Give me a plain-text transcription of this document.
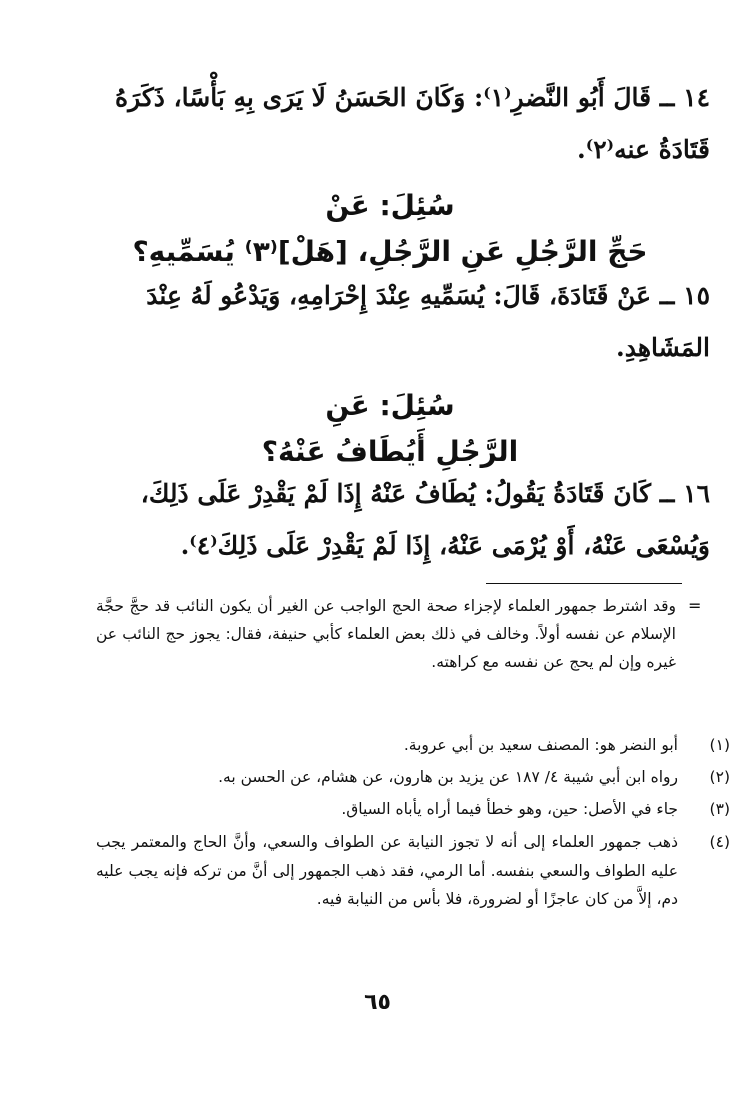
١٤ ــ قَالَ أَبُو النَّضرِ⁽١⁾: وَكَانَ الحَسَنُ لَا يَرَى بِهِ بَأْسًا، ذَكَرَهُ

قَتَادَةُ عنه⁽٢⁾.

سُئِلَ: عَنْ
حَجِّ الرَّجُلِ عَنِ الرَّجُلِ، [هَلْ]⁽٣⁾ يُسَمِّيهِ؟

١٥ ــ عَنْ قَتَادَةَ، قَالَ: يُسَمِّيهِ عِنْدَ إِحْرَامِهِ، وَيَدْعُو لَهُ عِنْدَ

المَشَاهِدِ.

سُئِلَ: عَنِ
الرَّجُلِ أَيُطَافُ عَنْهُ؟

١٦ ــ كَانَ قَتَادَةُ يَقُولُ: يُطَافُ عَنْهُ إِذَا لَمْ يَقْدِرْ عَلَى ذَلِكَ،

وَيُسْعَى عَنْهُ، أَوْ يُرْمَى عَنْهُ، إِذَا لَمْ يَقْدِرْ عَلَى ذَلِكَ⁽٤⁾.

=
وقد اشترط جمهور العلماء لإجزاء صحة الحج الواجب عن الغير أن يكون النائب قد حجَّ حجَّة الإسلام عن نفسه أولاً. وخالف في ذلك بعض العلماء كأبي حنيفة، فقال: يجوز حج النائب عن غيره وإن لم يحج عن نفسه مع كراهته.
(١)
أبو النضر هو: المصنف سعيد بن أبي عروبة.
(٢)
رواه ابن أبي شيبة ٤/ ١٨٧ عن يزيد بن هارون، عن هشام، عن الحسن به.
(٣)
جاء في الأصل: حين، وهو خطأ فيما أراه يأباه السياق.
(٤)
ذهب جمهور العلماء إلى أنه لا تجوز النيابة عن الطواف والسعي، وأنَّ الحاج والمعتمر يجب عليه الطواف والسعي بنفسه. أما الرمي، فقد ذهب الجمهور إلى أنَّ من تركه فإنه يجب عليه دم، إلاَّ من كان عاجزًا أو لضرورة، فلا بأس من النيابة فيه.
٦٥
